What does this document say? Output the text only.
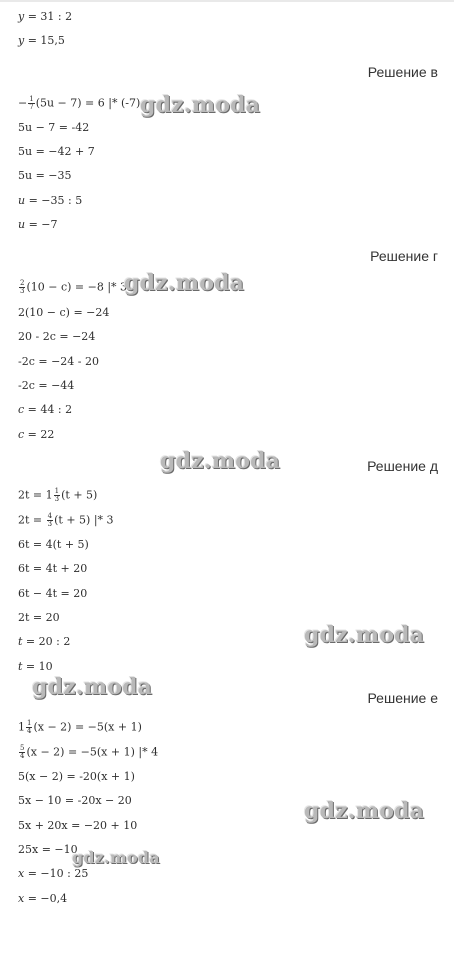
y = 31 : 2
y = 15,5
Решение в
− $\frac{1}{7} (5u - 7) = 6$ |* (-7)
5u − 7 = -42
5u = −42 + 7
5u = −35
u = −35 : 5
u = −7
Решение г
$\frac{2}{3} (10 - c) = -8$ |* 3
2(10 − c) = −24
20 - 2c = −24
-2c = −24 - 20
-2c = −44
c = 44 : 2
c = 22
Решение д
$2t = 1 \frac{1}{3} (t + 5)$
$2t = \frac{4}{3} (t + 5)$ |* 3
6t = 4(t + 5)
6t = 4t + 20
6t − 4t = 20
2t = 20
t = 20 : 2
t = 10
Решение е
$1 \frac{1}{4} (x - 2) = -5(x + 1)$
$\frac{5}{4} (x - 2) = -5(x + 1)$ |* 4
5(x − 2) = -20(x + 1)
5x − 10 = -20x − 20
5x + 20x = −20 + 10
25x = −10
x = −10 : 25
x = −0,4
gdz.moda
gdz.moda
gdz.moda
gdz.moda
gdz.moda
gdz.moda
gdz.moda
